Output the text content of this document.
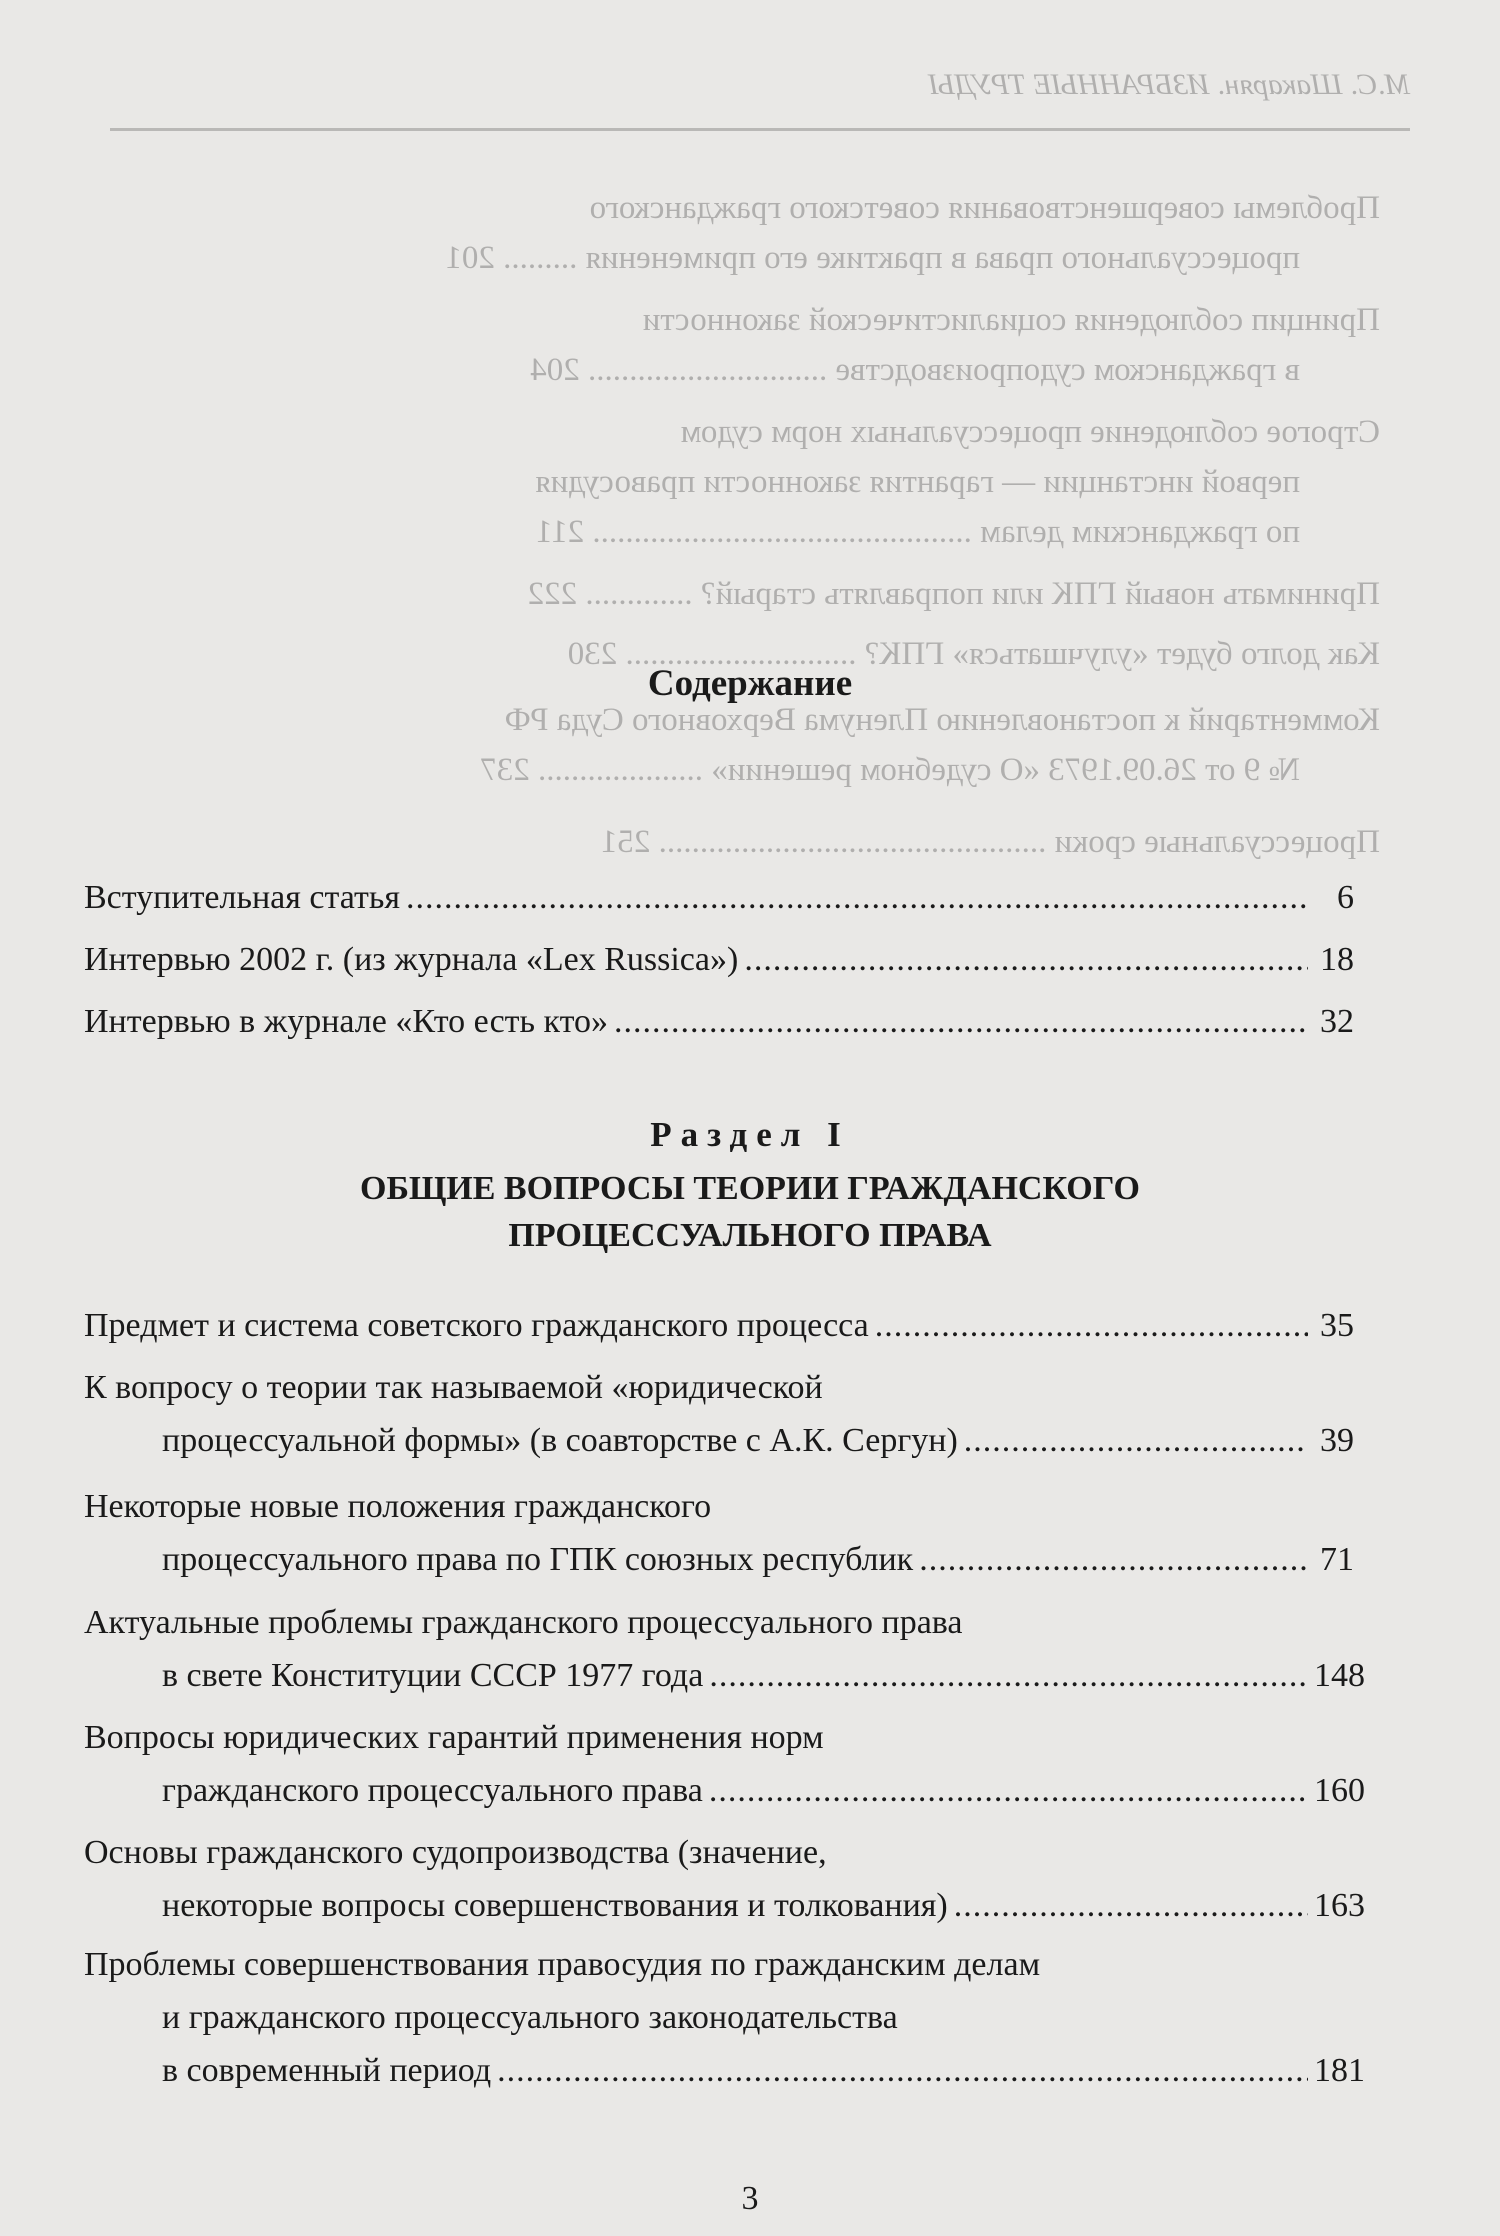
М.С. Шакарян. ИЗБРАННЫЕ ТРУДЫ
Проблемы совершенствования советского гражданского
процессуального права в практике его применения ......... 201
Принцип соблюдения социалистической законности
в гражданском судопроизводстве ............................. 204
Строгое соблюдение процессуальных норм судом
первой инстанции — гарантия законности правосудия
по гражданским делам .............................................. 211
Принимать новый ГПК или поправлять старый? ............. 222
Как долго будет «улучшаться» ГПК? ............................ 230
Комментарий к постановлению Пленума Верховного Суда РФ
№ 9 от 26.09.1973 «О судебном решении» .................... 237
Процессуальные сроки ............................................... 251
Содержание
Вступительная статья .....	6
Интервью 2002 г. (из журнала «Lex Russica») .....	18
Интервью в журнале «Кто есть кто» .....	32
Раздел I
ОБЩИЕ ВОПРОСЫ ТЕОРИИ ГРАЖДАНСКОГО
ПРОЦЕССУАЛЬНОГО ПРАВА
Предмет и система советского гражданского процесса .....	35
К вопросу о теории так называемой «юридической
процессуальной формы» (в соавторстве с А.К. Сергун) .....	39
Некоторые новые положения гражданского
процессуального права по ГПК союзных республик .....	71
Актуальные проблемы гражданского процессуального права
в свете Конституции СССР 1977 года .....	148
Вопросы юридических гарантий применения норм
гражданского процессуального права .....	160
Основы гражданского судопроизводства (значение,
некоторые вопросы совершенствования и толкования) .....	163
Проблемы совершенствования правосудия по гражданским делам
и гражданского процессуального законодательства
в современный период .....	181
3
